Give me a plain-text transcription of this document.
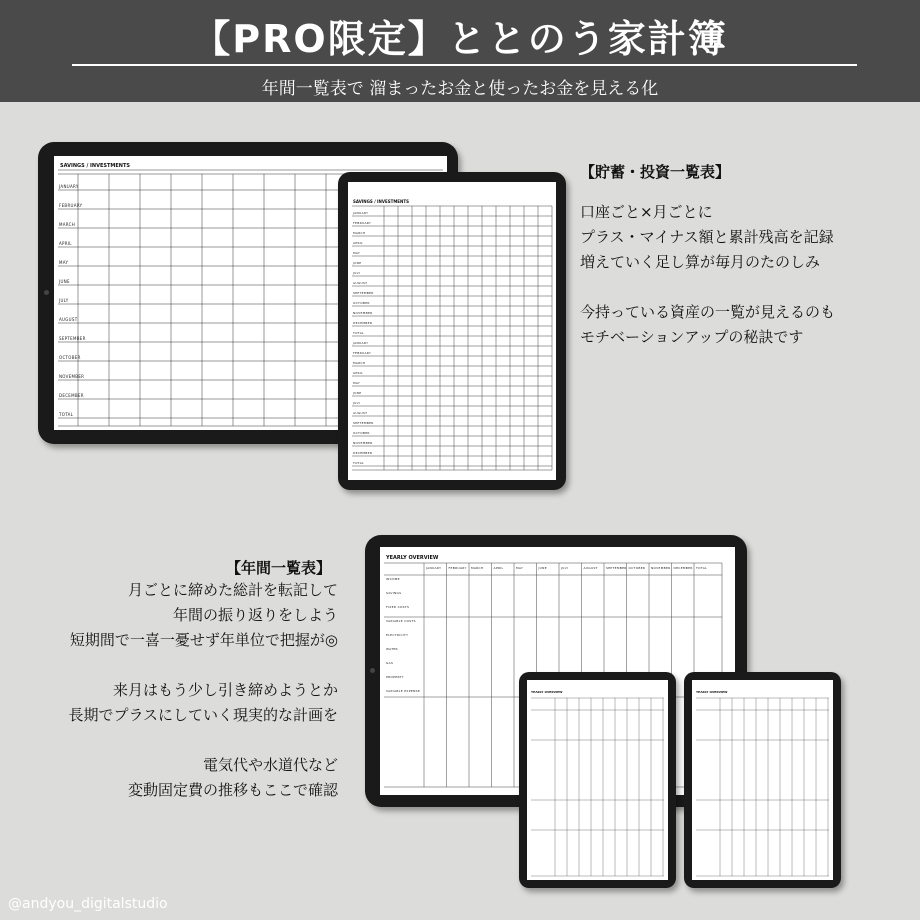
【PRO限定】ととのう家計簿
年間一覧表で 溜まったお金と使ったお金を見える化
SAVINGS / INVESTMENTS
JANUARY
FEBRUARY
MARCH
APRIL
MAY
JUNE
JULY
AUGUST
SEPTEMBER
OCTOBER
NOVEMBER
DECEMBER
TOTAL
SAVINGS / INVESTMENTS
JANUARY
FEBRUARY
MARCH
APRIL
MAY
JUNE
JULY
AUGUST
SEPTEMBER
OCTOBER
NOVEMBER
DECEMBER
TOTAL
JANUARY
FEBRUARY
MARCH
APRIL
MAY
JUNE
JULY
AUGUST
SEPTEMBER
OCTOBER
NOVEMBER
DECEMBER
TOTAL
【貯蓄・投資一覧表】
口座ごと×月ごとに
プラス・マイナス額と累計残高を記録
増えていく足し算が毎月のたのしみ
今持っている資産の一覧が見えるのも
モチベーションアップの秘訣です
【年間一覧表】
月ごとに締めた総計を転記して
年間の振り返りをしよう
短期間で一喜一憂せず年単位で把握が◎
来月はもう少し引き締めようとか
長期でプラスにしていく現実的な計画を
電気代や水道代など
変動固定費の推移もここで確認
YEARLY OVERVIEW
JANUARY FEBRUARY MARCH	APRIL	MAY	JUNE	JULY	AUGUST	SEPTEMBER OCTOBER NOVEMBER DECEMBER TOTAL
INCOME
SAVINGS
FIXED COSTS
VARIABLE COSTS
ELECTRICITY
WATER
GAS
PROPERTY
VARIABLE EXPENSE	YEARLY OVERVIEW	YEARLY OVERVIEW
@andyou_digitalstudio
